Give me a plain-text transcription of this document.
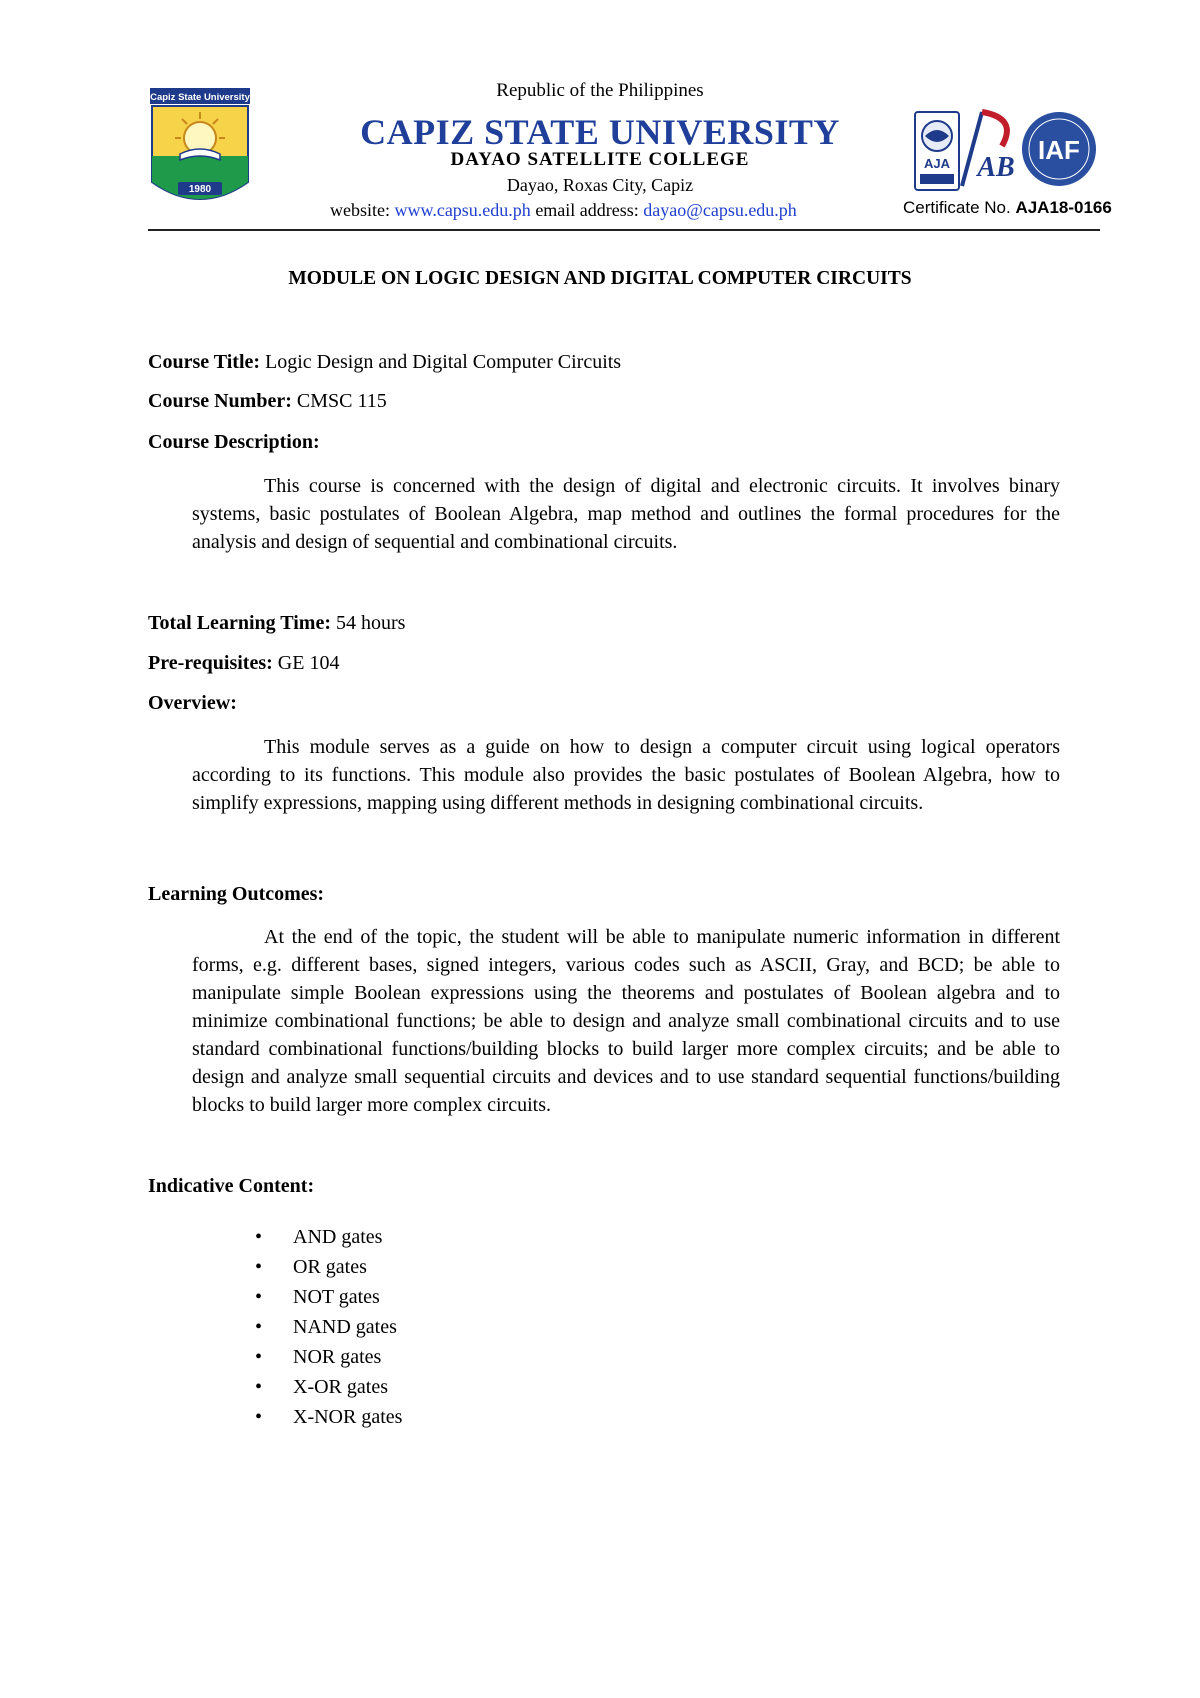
Capiz State University
1980
Republic of the Philippines
CAPIZ STATE UNIVERSITY
DAYAO SATELLITE COLLEGE
Dayao, Roxas City, Capiz
website: www.capsu.edu.ph email address: dayao@capsu.edu.ph
AJA AB
IAF
Certificate No. AJA18-0166
MODULE ON LOGIC DESIGN AND DIGITAL COMPUTER CIRCUITS
Course Title: Logic Design and Digital Computer Circuits
Course Number: CMSC 115
Course Description:

This course is concerned with the design of digital and electronic circuits. It involves binary systems, basic postulates of Boolean Algebra, map method and outlines the formal procedures for the analysis and design of sequential and combinational circuits.

Total Learning Time: 54 hours
Pre-requisites: GE 104
Overview:

This module serves as a guide on how to design a computer circuit using logical operators according to its functions. This module also provides the basic postulates of Boolean Algebra, how to simplify expressions, mapping using different methods in designing combinational circuits.

Learning Outcomes:

At the end of the topic, the student will be able to manipulate numeric information in different forms, e.g. different bases, signed integers, various codes such as ASCII, Gray, and BCD; be able to manipulate simple Boolean expressions using the theorems and postulates of Boolean algebra and to minimize combinational functions; be able to design and analyze small combinational circuits and to use standard combinational functions/building blocks to build larger more complex circuits; and be able to design and analyze small sequential circuits and devices and to use standard sequential functions/building blocks to build larger more complex circuits.

Indicative Content:
• AND gates
• OR gates
• NOT gates
• NAND gates
• NOR gates
• X-OR gates
• X-NOR gates
